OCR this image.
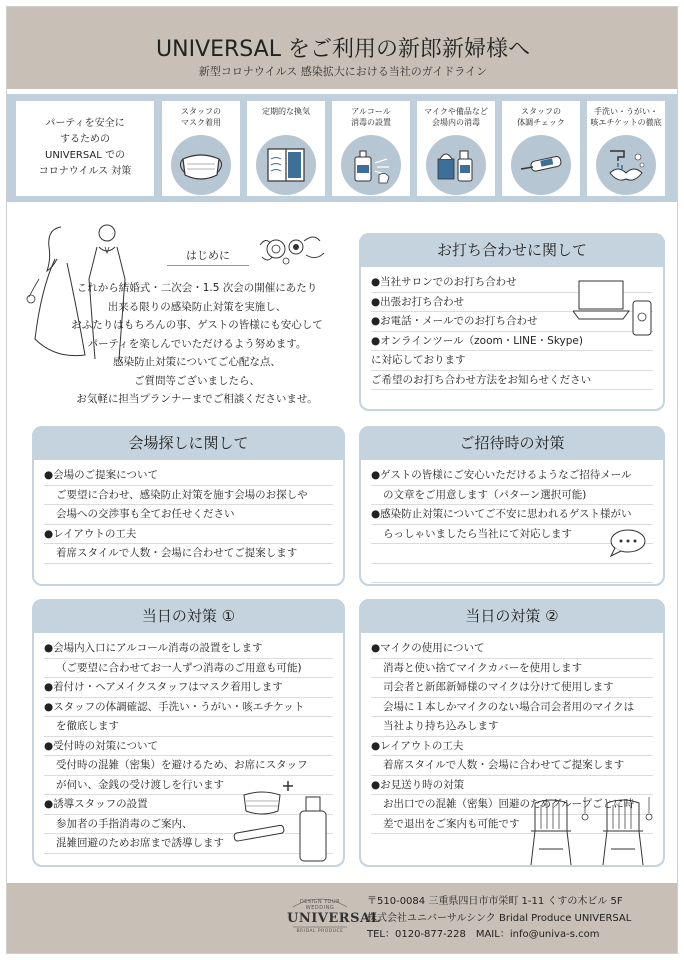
UNIVERSAL をご利用の新郎新婦様へ
新型コロナウイルス 感染拡大における当社のガイドライン
パーティを安全に
するための
UNIVERSAL での
コロナウイルス 対策
スタッフの
マスク着用
定期的な換気	アルコール
消毒の設置
マイクや備品など
会場内の消毒
スタッフの
体調チェック
手洗い・うがい・
咳エチケットの徹底
はじめに
これから結婚式・二次会・1.5 次会の開催にあたり
出来る限りの感染防止対策を実施し、
おふたりはもちろんの事、ゲストの皆様にも安心して
パーティを楽しんでいただけるよう努めます。
感染防止対策についてご心配な点、
ご質問等ございましたら、
お気軽に担当プランナーまでご相談くださいませ。
お打ち合わせに関して
●当社サロンでのお打ち合わせ
●出張お打ち合わせ
●お電話・メールでのお打ち合わせ
●オンラインツール（zoom・LINE・Skype)
に対応しております
ご希望のお打ち合わせ方法をお知らせください
会場探しに関して
●会場のご提案について
ご要望に合わせ、感染防止対策を施す会場のお探しや
会場への交渉事も全てお任せください
●レイアウトの工夫
着席スタイルで人数・会場に合わせてご提案します
ご招待時の対策
●ゲストの皆様にご安心いただけるようなご招待メール
の文章をご用意します（パターン選択可能)
●感染防止対策についてご不安に思われるゲスト様がい
らっしゃいましたら当社にて対応します
当日の対策 ①
●会場内入口にアルコール消毒の設置をします
（ご要望に合わせてお一人ずつ消毒のご用意も可能)
●着付け・ヘアメイクスタッフはマスク着用します
●スタッフの体調確認、手洗い・うがい・咳エチケット
を徹底します
●受付時の対策について
受付時の混雑（密集）を避けるため、お席にスタッフ
が伺い、金銭の受け渡しを行います
●誘導スタッフの設置
参加者の手指消毒のご案内、
混雑回避のためお席まで誘導します
当日の対策 ②
●マイクの使用について
消毒と使い捨てマイクカバーを使用します
司会者と新郎新婦様のマイクは分けて使用します
会場に１本しかマイクのない場合司会者用のマイクは
当社より持ち込みします
●レイアウトの工夫
着席スタイルで人数・会場に合わせてご提案します
●お見送り時の対策
お出口での混雑（密集）回避のためグループごとに時
差で退出をご案内も可能です
DESIGN YOUR WEDDING
UNIVERSAL
BRIDAL PRODUCE
〒510-0084 三重県四日市市栄町 1-11 くすの木ビル 5F
株式会社ユニバーサルシンク Bridal Produce UNIVERSAL
TEL：0120-877-228　MAIL：info@univa-s.com
